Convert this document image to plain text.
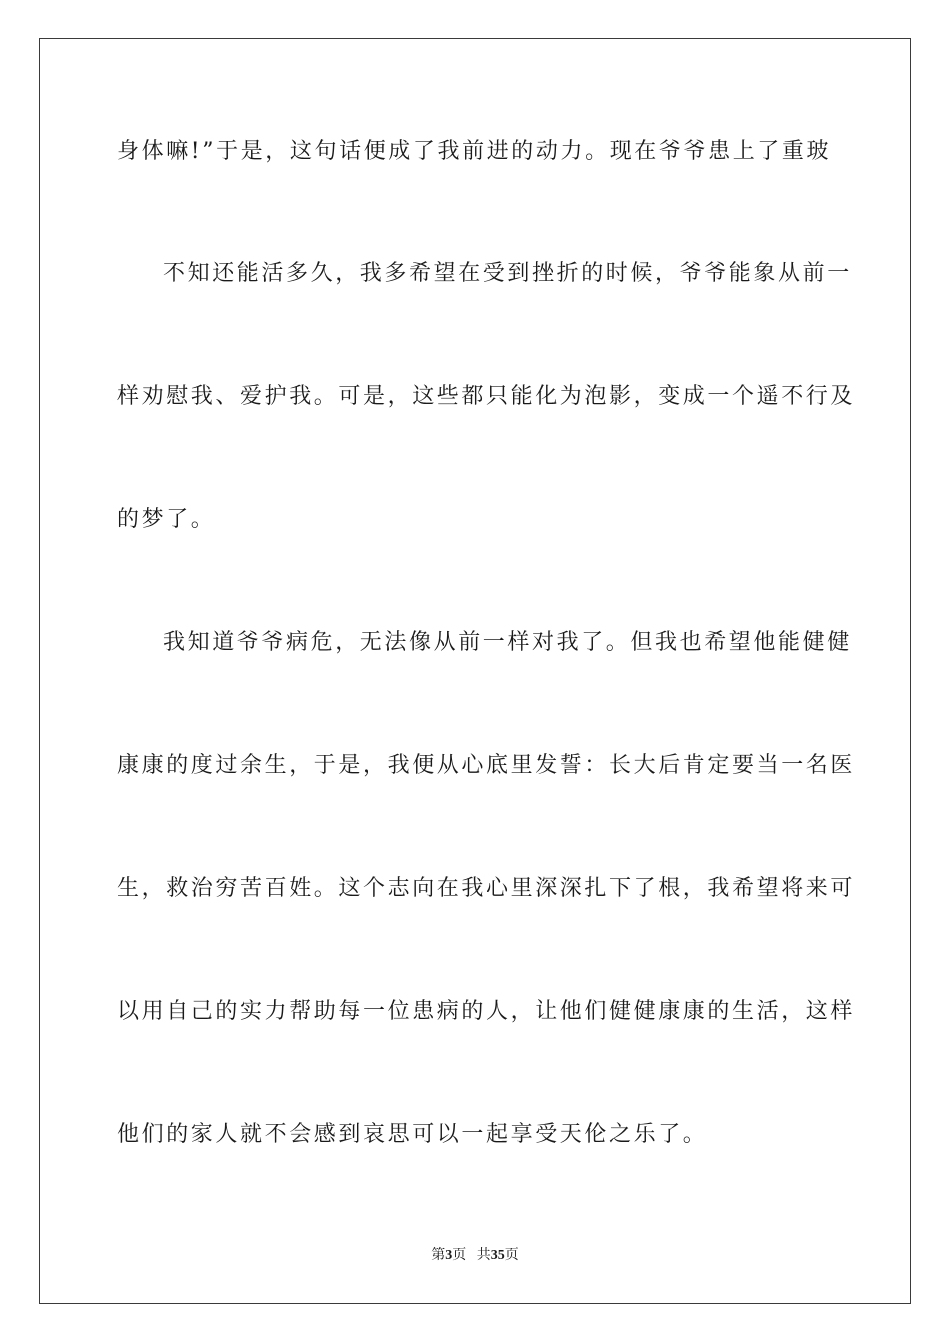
身体嘛!”于是，这句话便成了我前进的动力。现在爷爷患上了重玻
不知还能活多久，我多希望在受到挫折的时候，爷爷能象从前一
样劝慰我、爱护我。可是，这些都只能化为泡影，变成一个遥不行及
的梦了。
我知道爷爷病危，无法像从前一样对我了。但我也希望他能健健
康康的度过余生，于是，我便从心底里发誓：长大后肯定要当一名医
生，救治穷苦百姓。这个志向在我心里深深扎下了根，我希望将来可
以用自己的实力帮助每一位患病的人，让他们健健康康的生活，这样
他们的家人就不会感到哀思可以一起享受天伦之乐了。
第3页 共35页
